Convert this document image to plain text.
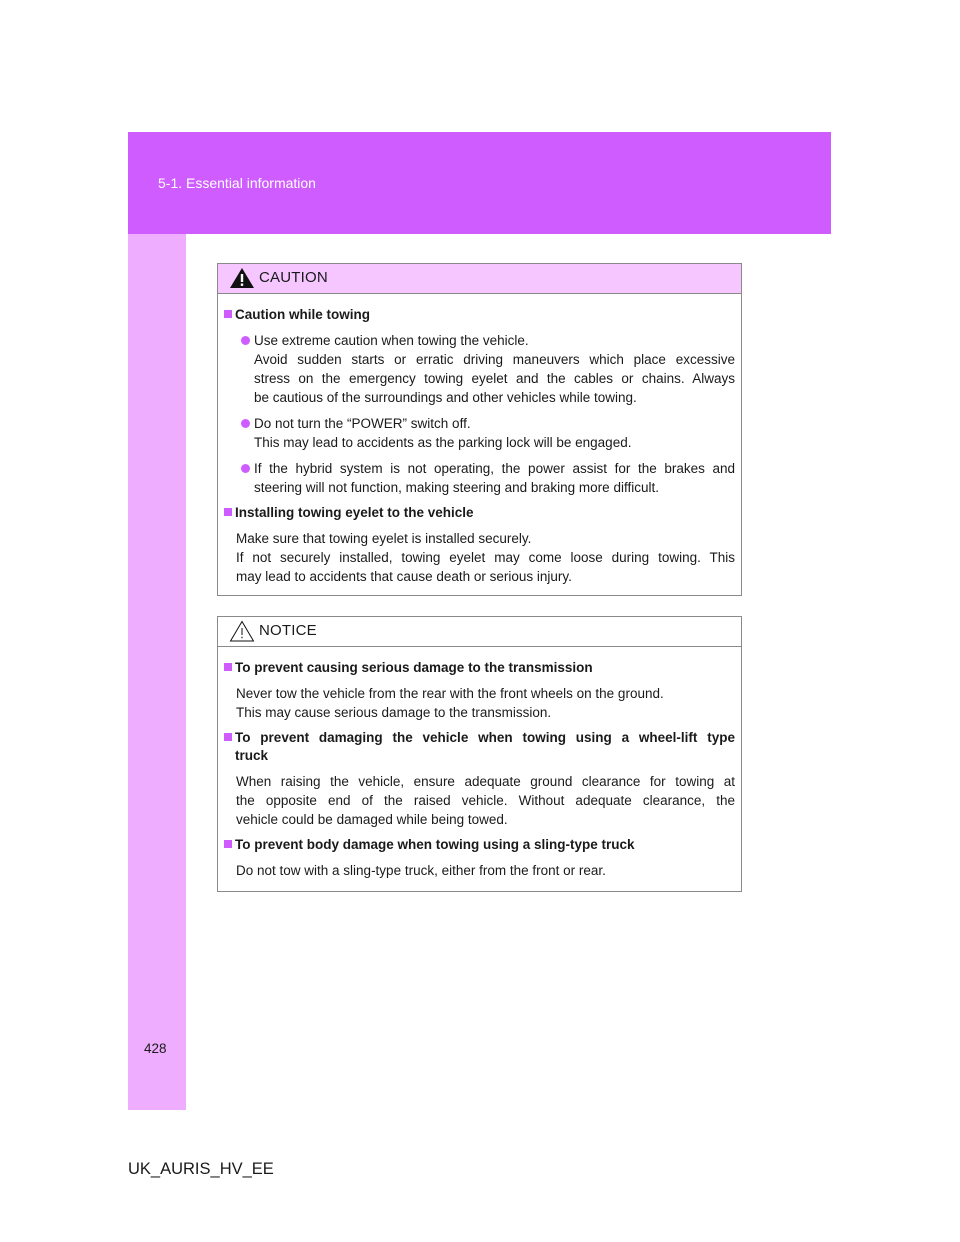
5-1. Essential information
CAUTION
Caution while towing
Use extreme caution when towing the vehicle.
Avoid sudden starts or erratic driving maneuvers which place excessive
stress on the emergency towing eyelet and the cables or chains. Always
be cautious of the surroundings and other vehicles while towing.
Do not turn the “POWER” switch off.
This may lead to accidents as the parking lock will be engaged.
If the hybrid system is not operating, the power assist for the brakes and
steering will not function, making steering and braking more difficult.
Installing towing eyelet to the vehicle
Make sure that towing eyelet is installed securely.
If not securely installed, towing eyelet may come loose during towing. This
may lead to accidents that cause death or serious injury.
NOTICE
To prevent causing serious damage to the transmission
Never tow the vehicle from the rear with the front wheels on the ground.
This may cause serious damage to the transmission.
To prevent damaging the vehicle when towing using a wheel-lift type
truck
When raising the vehicle, ensure adequate ground clearance for towing at
the opposite end of the raised vehicle. Without adequate clearance, the
vehicle could be damaged while being towed.
To prevent body damage when towing using a sling-type truck
Do not tow with a sling-type truck, either from the front or rear.
428
UK_AURIS_HV_EE
